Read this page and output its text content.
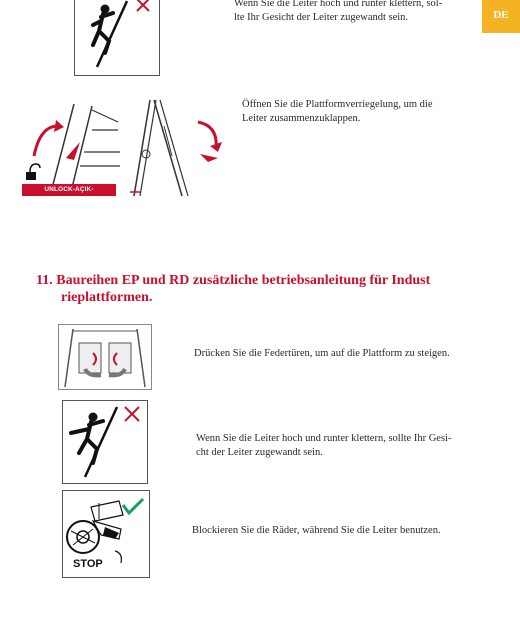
DE
Wenn Sie die Leiter hoch und runter klettern, sol-
lte Ihr Gesicht der Leiter zugewandt sein.
UNLOCK-AÇIK-FREISCHALTEN
Öffnen Sie die Plattformverriegelung, um die
Leiter zusammenzuklappen.
11. Baureihen EP und RD zusätzliche betriebsanleitung für Indust
rieplattformen.
Drücken Sie die Federtüren, um auf die Plattform zu steigen.
Wenn Sie die Leiter hoch und runter klettern, sollte Ihr Gesi-
cht der Leiter zugewandt sein.
STOP
Blockieren Sie die Räder, während Sie die Leiter benutzen.
